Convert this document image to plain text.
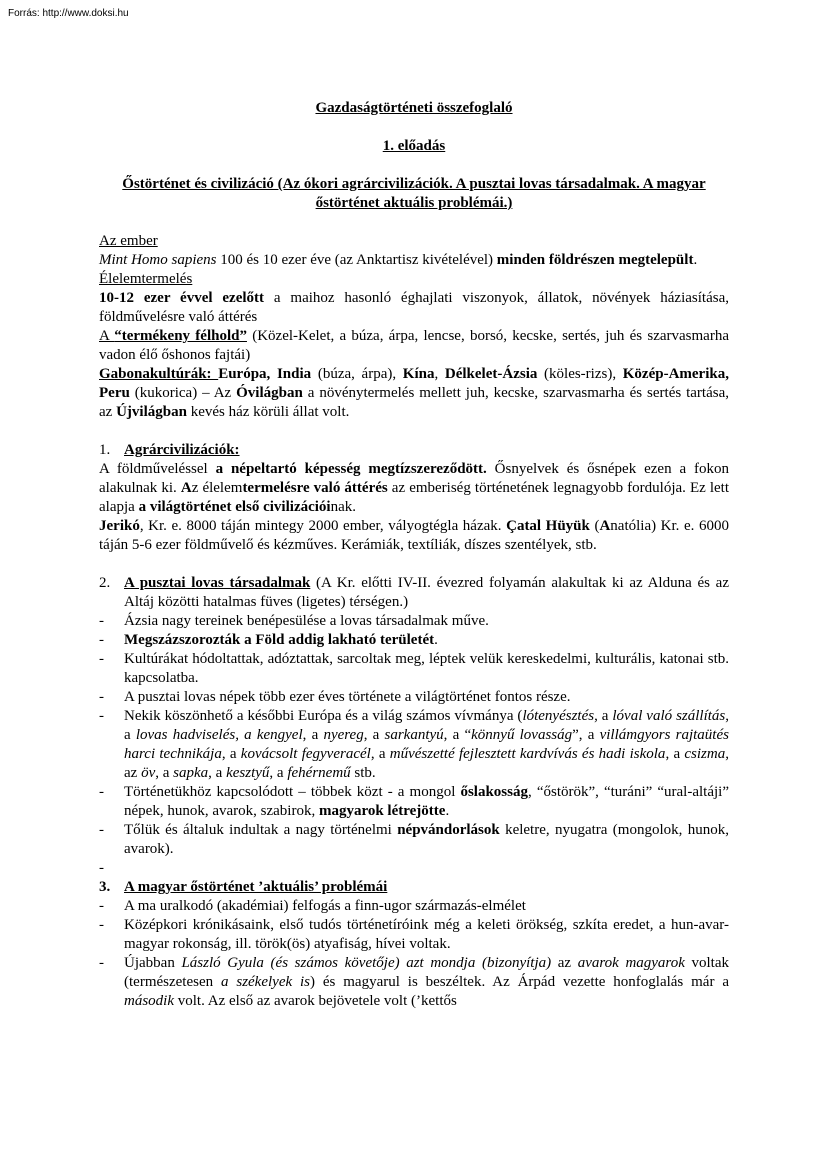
Forrás: http://www.doksi.hu
Gazdaságtörténeti összefoglaló
1. előadás
Őstörténet és civilizáció (Az ókori agrárcivilizációk. A pusztai lovas társadalmak. A magyar őstörténet aktuális problémái.)
Az ember

Mint Homo sapiens 100 és 10 ezer éve (az Anktartisz kivételével) minden földrészen megtelepült.

Élelemtermelés

10-12 ezer évvel ezelőtt a maihoz hasonló éghajlati viszonyok, állatok, növények háziasítása, földművelésre való áttérés

A “termékeny félhold” (Közel-Kelet, a búza, árpa, lencse, borsó, kecske, sertés, juh és szarvasmarha vadon élő őshonos fajtái)

Gabonakultúrák: Európa, India (búza, árpa), Kína, Délkelet-Ázsia (köles-rizs), Közép-Amerika, Peru (kukorica) – Az Óvilágban a növénytermelés mellett juh, kecske, szarvasmarha és sertés tartása, az Újvilágban kevés ház körüli állat volt.

1. Agrárcivilizációk:

A földműveléssel a népeltartó képesség megtízszereződött. Ősnyelvek és ősnépek ezen a fokon alakulnak ki. Az élelemtermelésre való áttérés az emberiség történetének legnagyobb fordulója. Ez lett alapja a világtörténet első civilizációinak.

Jerikó, Kr. e. 8000 táján mintegy 2000 ember, vályogtégla házak. Çatal Hüyük (Anatólia) Kr. e. 6000 táján 5-6 ezer földművelő és kézműves. Kerámiák, textíliák, díszes szentélyek, stb.

2. A pusztai lovas társadalmak (A Kr. előtti IV-II. évezred folyamán alakultak ki az Alduna és az Altáj közötti hatalmas füves (ligetes) térségen.)
-	Ázsia nagy tereinek benépesülése a lovas társadalmak műve.
-	Megszázszorozták a Föld addig lakható területét.
-	Kultúrákat hódoltattak, adóztattak, sarcoltak meg, léptek velük kereskedelmi, kulturális, katonai stb. kapcsolatba.
-	A pusztai lovas népek több ezer éves története a világtörténet fontos része.
-	Nekik köszönhető a későbbi Európa és a világ számos vívmánya (lótenyésztés, a lóval való szállítás, a lovas hadviselés, a kengyel, a nyereg, a sarkantyú, a “könnyű lovasság”, a villámgyors rajtaütés harci technikája, a kovácsolt fegyveracél, a művészetté fejlesztett kardvívás és hadi iskola, a csizma, az öv, a sapka, a kesztyű, a fehérnemű stb.
-	Történetükhöz kapcsolódott – többek közt - a mongol őslakosság, “őstörök”, “turáni” “ural-altáji” népek, hunok, avarok, szabirok, magyarok létrejötte.
-	Tőlük és általuk indultak a nagy történelmi népvándorlások keletre, nyugatra (mongolok, hunok, avarok).
-
3. A magyar őstörténet ’aktuális’ problémái
-	A ma uralkodó (akadémiai) felfogás a finn-ugor származás-elmélet
-	Középkori krónikásaink, első tudós történetíróink még a keleti örökség, szkíta eredet, a hun-avar-magyar rokonság, ill. török(ös) atyafiság, hívei voltak.
-	Újabban László Gyula (és számos követője) azt mondja (bizonyítja) az avarok magyarok voltak (természetesen a székelyek is) és magyarul is beszéltek. Az Árpád vezette honfoglalás már a második volt. Az első az avarok bejövetele volt (’kettős
